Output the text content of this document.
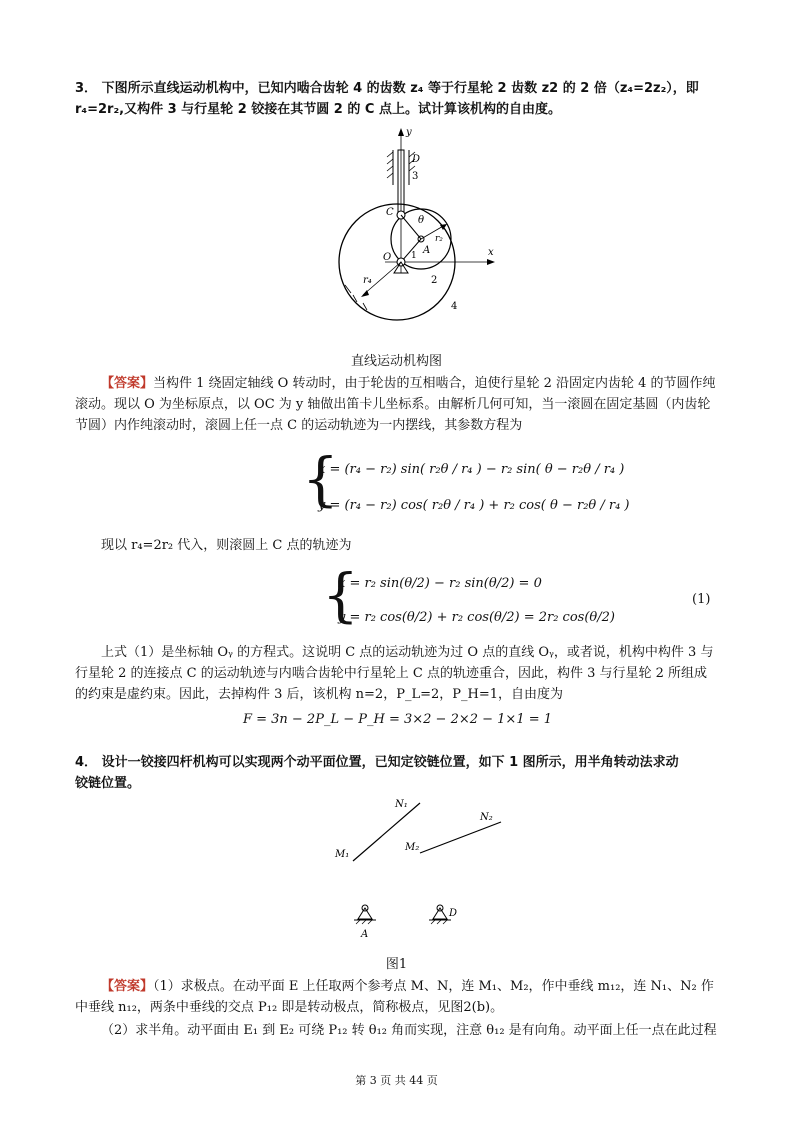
3． 下图所示直线运动机构中，已知内啮合齿轮 4 的齿数 z₄ 等于行星轮 2 齿数 z2 的 2 倍（z₄=2z₂），即
r₄=2r₂,又构件 3 与行星轮 2 铰接在其节圆 2 的 C 点上。试计算该机构的自由度。
y
D
3
C
θ
r₂
A
O 1	x
r₄	2
4
直线运动机构图
【答案】当构件 1 绕固定轴线 O 转动时，由于轮齿的互相啮合，迫使行星轮 2 沿固定内齿轮 4 的节圆作纯滚动。现以 O 为坐标原点，以 OC 为 y 轴做出笛卡儿坐标系。由解析几何可知，当一滚圆在固定基圆（内齿轮节圆）内作纯滚动时，滚圆上任一点 C 的运动轨迹为一内摆线，其参数方程为
{
x = (r₄ − r₂) sin( r₂θ / r₄ ) − r₂ sin( θ − r₂θ / r₄ )
y = (r₄ − r₂) cos( r₂θ / r₄ ) + r₂ cos( θ − r₂θ / r₄ )
现以 r₄=2r₂ 代入，则滚圆上 C 点的轨迹为
{
x = r₂ sin(θ/2) − r₂ sin(θ/2) = 0
y = r₂ cos(θ/2) + r₂ cos(θ/2) = 2r₂ cos(θ/2)
(1)
上式（1）是坐标轴 Oᵧ 的方程式。这说明 C 点的运动轨迹为过 O 点的直线 Oᵧ，或者说，机构中构件 3 与行星轮 2 的连接点 C 的运动轨迹与内啮合齿轮中行星轮上 C 点的轨迹重合，因此，构件 3 与行星轮 2 所组成的约束是虚约束。因此，去掉构件 3 后，该机构 n=2，P_L=2，P_H=1，自由度为
F = 3n − 2P_L − P_H = 3×2 − 2×2 − 1×1 = 1
4． 设计一铰接四杆机构可以实现两个动平面位置，已知定铰链位置，如下 1 图所示，用半角转动法求动
铰链位置。
N₁
N₂
M₁
M₂
A
D
图1
【答案】（1）求极点。在动平面 E 上任取两个参考点 M、N，连 M₁、M₂，作中垂线 m₁₂，连 N₁、N₂ 作中垂线 n₁₂，两条中垂线的交点 P₁₂ 即是转动极点，简称极点，见图2(b)。
（2）求半角。动平面由 E₁ 到 E₂ 可绕 P₁₂ 转 θ₁₂ 角而实现，注意 θ₁₂ 是有向角。动平面上任一点在此过程
第 3 页 共 44 页
